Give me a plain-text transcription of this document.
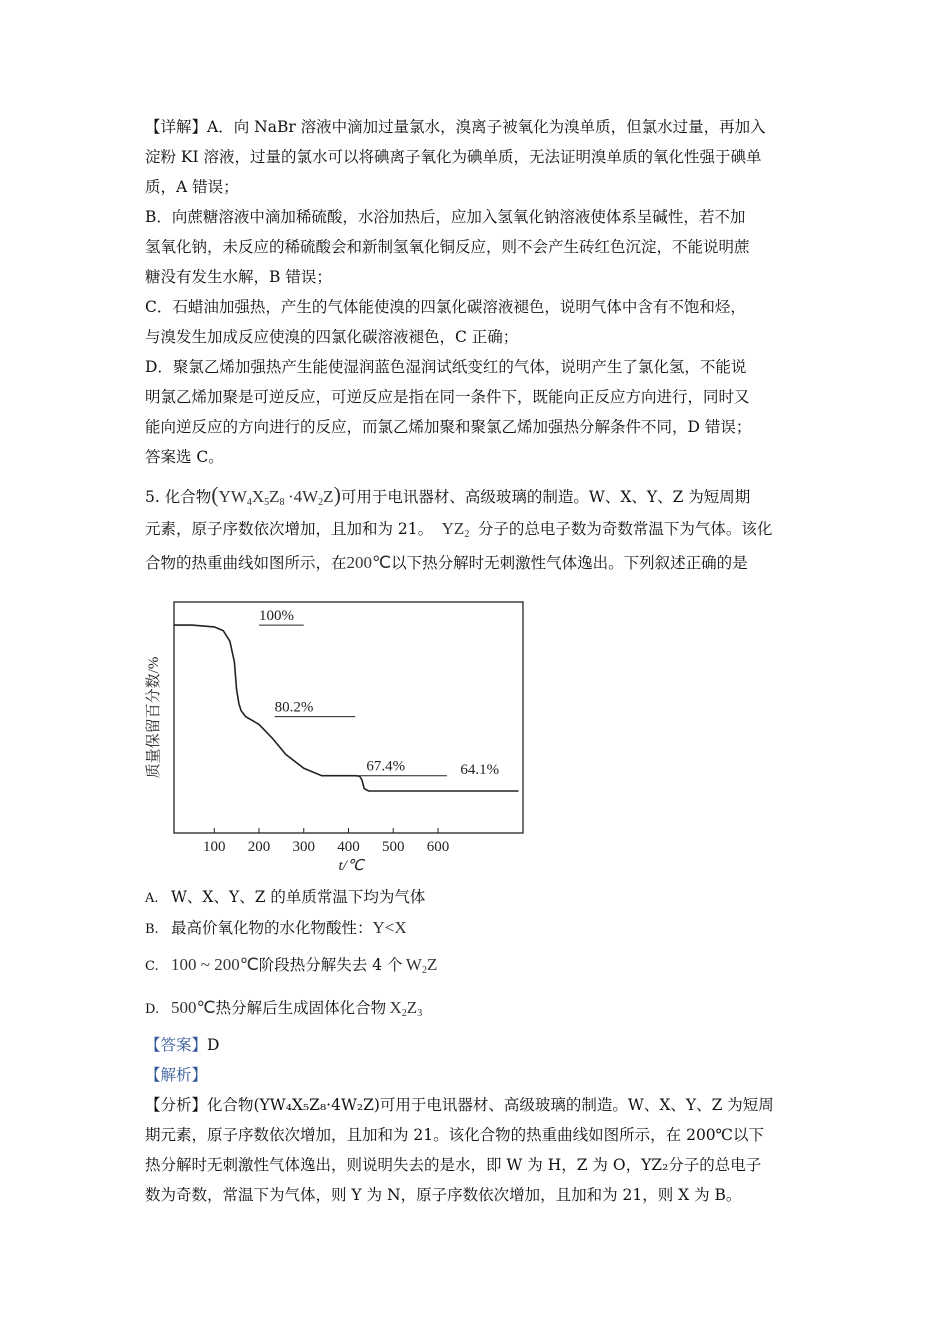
【详解】A．向 NaBr 溶液中滴加过量氯水，溴离子被氧化为溴单质，但氯水过量，再加入
淀粉 KI 溶液，过量的氯水可以将碘离子氧化为碘单质，无法证明溴单质的氧化性强于碘单
质，A 错误；
B．向蔗糖溶液中滴加稀硫酸，水浴加热后，应加入氢氧化钠溶液使体系呈碱性，若不加
氢氧化钠，未反应的稀硫酸会和新制氢氧化铜反应，则不会产生砖红色沉淀，不能说明蔗
糖没有发生水解，B 错误；
C．石蜡油加强热，产生的气体能使溴的四氯化碳溶液褪色，说明气体中含有不饱和烃，
与溴发生加成反应使溴的四氯化碳溶液褪色，C 正确；
D．聚氯乙烯加强热产生能使湿润蓝色湿润试纸变红的气体，说明产生了氯化氢，不能说
明氯乙烯加聚是可逆反应，可逆反应是指在同一条件下，既能向正反应方向进行，同时又
能向逆反应的方向进行的反应，而氯乙烯加聚和聚氯乙烯加强热分解条件不同，D 错误；
答案选 C。
5. 化合物$(YW_4X_5Z_8 \cdot 4W_2Z)$可用于电讯器材、高级玻璃的制造。W、X、Y、Z 为短周期
元素，原子序数依次增加，且加和为 21。 $YZ_2$  分子的总电子数为奇数常温下为气体。该化
合物的热重曲线如图所示，在200℃以下热分解时无刺激性气体逸出。下列叙述正确的是
100 200 300 400 500 600
100%
80.2%
67.4%	64.1%
t/℃
质量保留百分数/%
A. W、X、Y、Z 的单质常温下均为气体
B. 最高价氧化物的水化物酸性：Y<X
C. 100 ~ 200℃阶段热分解失去 4 个 $W_2Z$
D. 500℃热分解后生成固体化合物 $X_2Z_3$
【答案】D
【解析】
【分析】化合物(YW₄X₅Z₈·4W₂Z)可用于电讯器材、高级玻璃的制造。W、X、Y、Z 为短周
期元素，原子序数依次增加，且加和为 21。该化合物的热重曲线如图所示，在 200℃以下
热分解时无刺激性气体逸出，则说明失去的是水，即 W 为 H，Z 为 O，YZ₂分子的总电子
数为奇数，常温下为气体，则 Y 为 N，原子序数依次增加，且加和为 21，则 X 为 B。
